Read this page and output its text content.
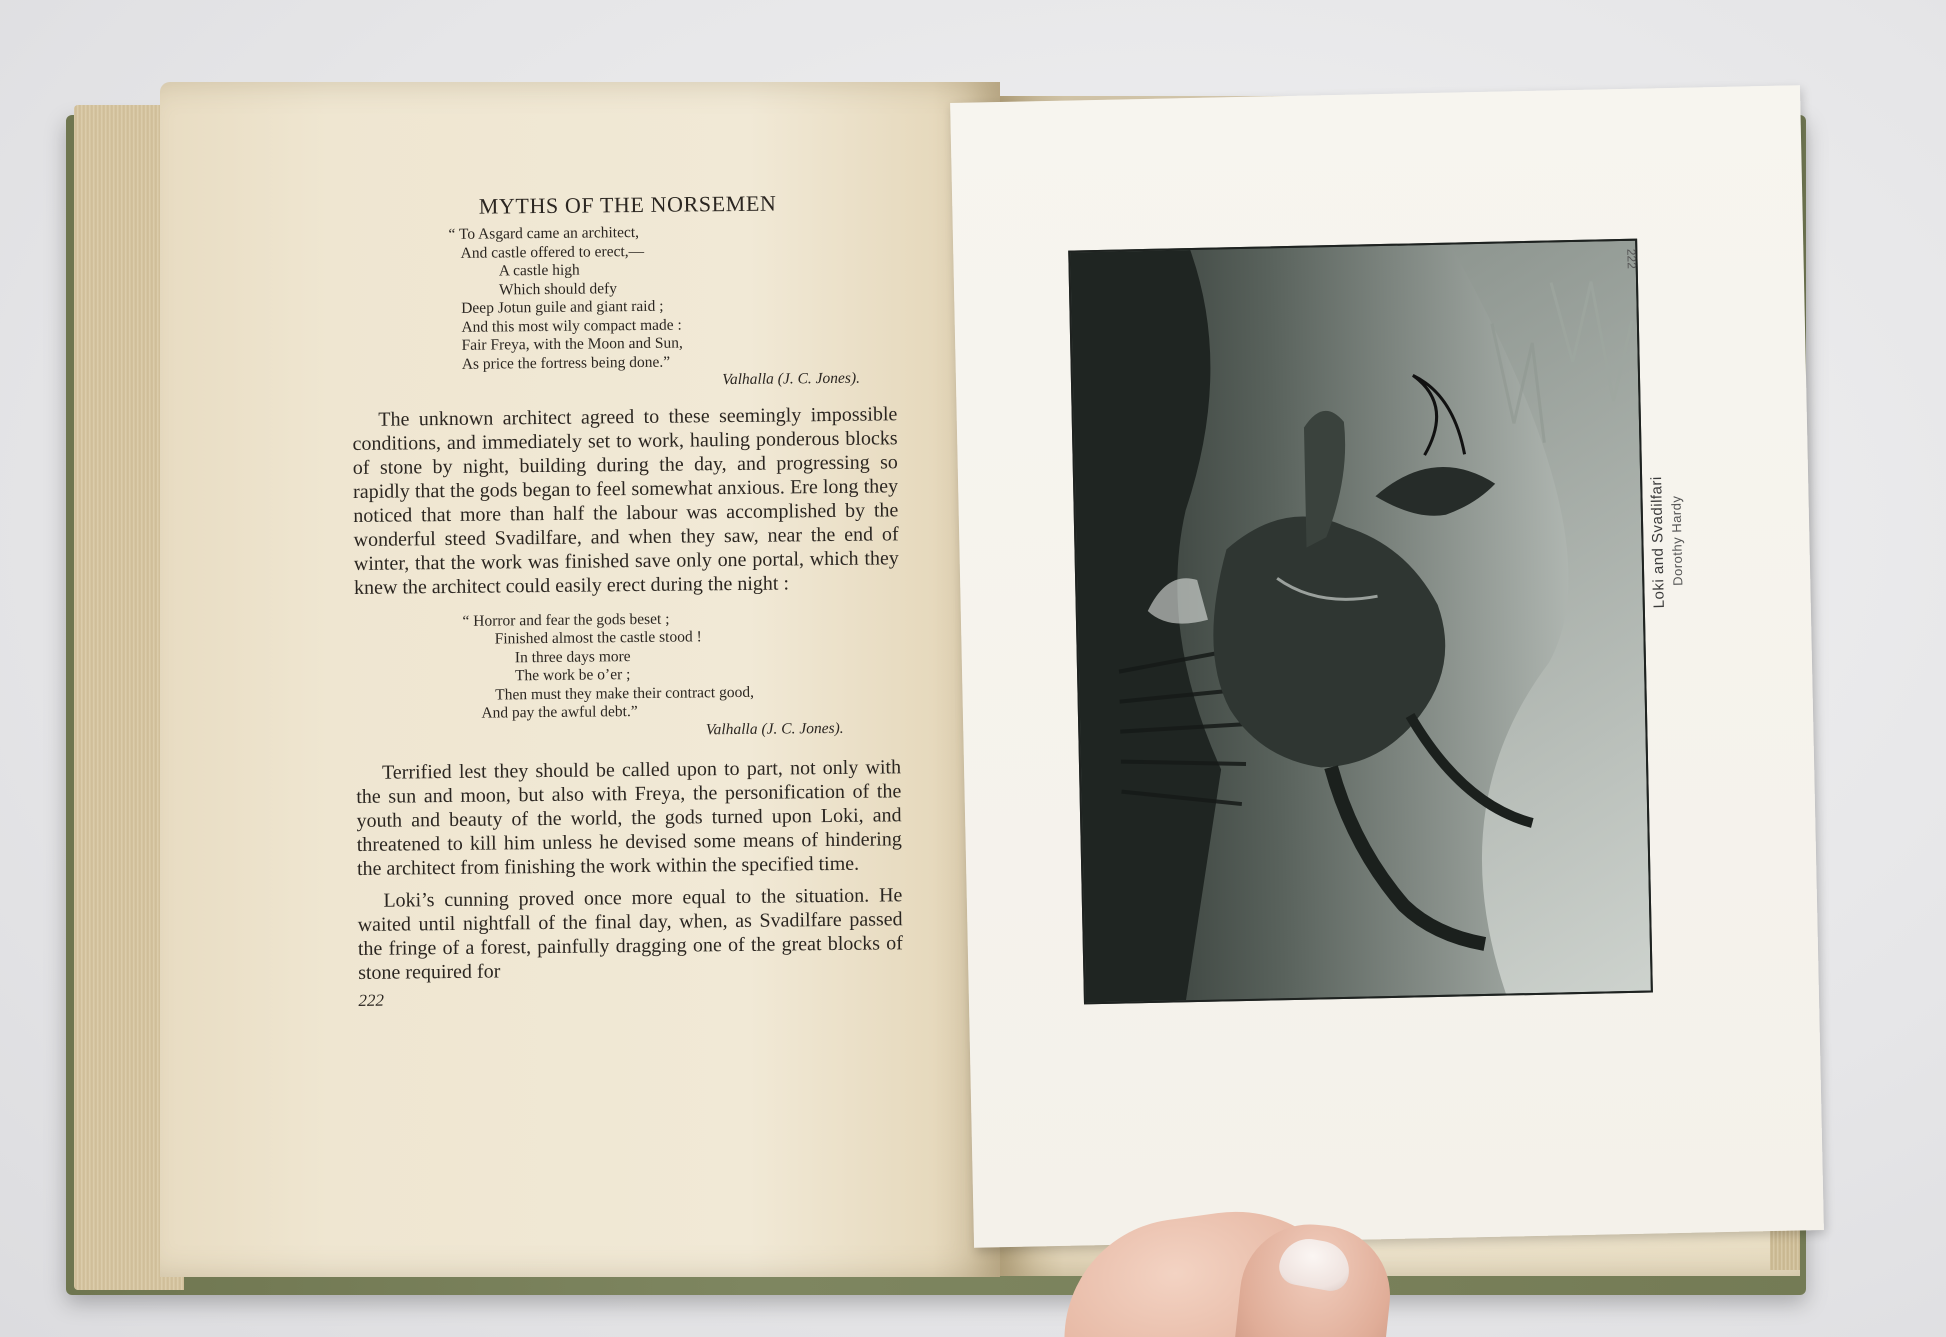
MYTHS OF THE NORSEMEN
“ To Asgard came an architect,
And castle offered to erect,—
A castle high
Which should defy
Deep Jotun guile and giant raid ;
And this most wily compact made :
Fair Freya, with the Moon and Sun,
As price the fortress being done.”
Valhalla (J. C. Jones).

The unknown architect agreed to these seemingly impossible conditions, and immediately set to work, hauling ponderous blocks of stone by night, building during the day, and progressing so rapidly that the gods began to feel somewhat anxious. Ere long they noticed that more than half the labour was accomplished by the wonderful steed Svadilfare, and when they saw, near the end of winter, that the work was finished save only one portal, which they knew the architect could easily erect during the night :

“ Horror and fear the gods beset ;
Finished almost the castle stood !
In three days more
The work be o’er ;
Then must they make their contract good,
And pay the awful debt.”
Valhalla (J. C. Jones).

Terrified lest they should be called upon to part, not only with the sun and moon, but also with Freya, the personification of the youth and beauty of the world, the gods turned upon Loki, and threatened to kill him unless he devised some means of hindering the architect from finishing the work within the specified time.

Loki’s cunning proved once more equal to the situation. He waited until nightfall of the final day, when, as Svadilfare passed the fringe of a forest, painfully dragging one of the great blocks of stone required for

222
222
Loki and Svadilfari Dorothy Hardy
